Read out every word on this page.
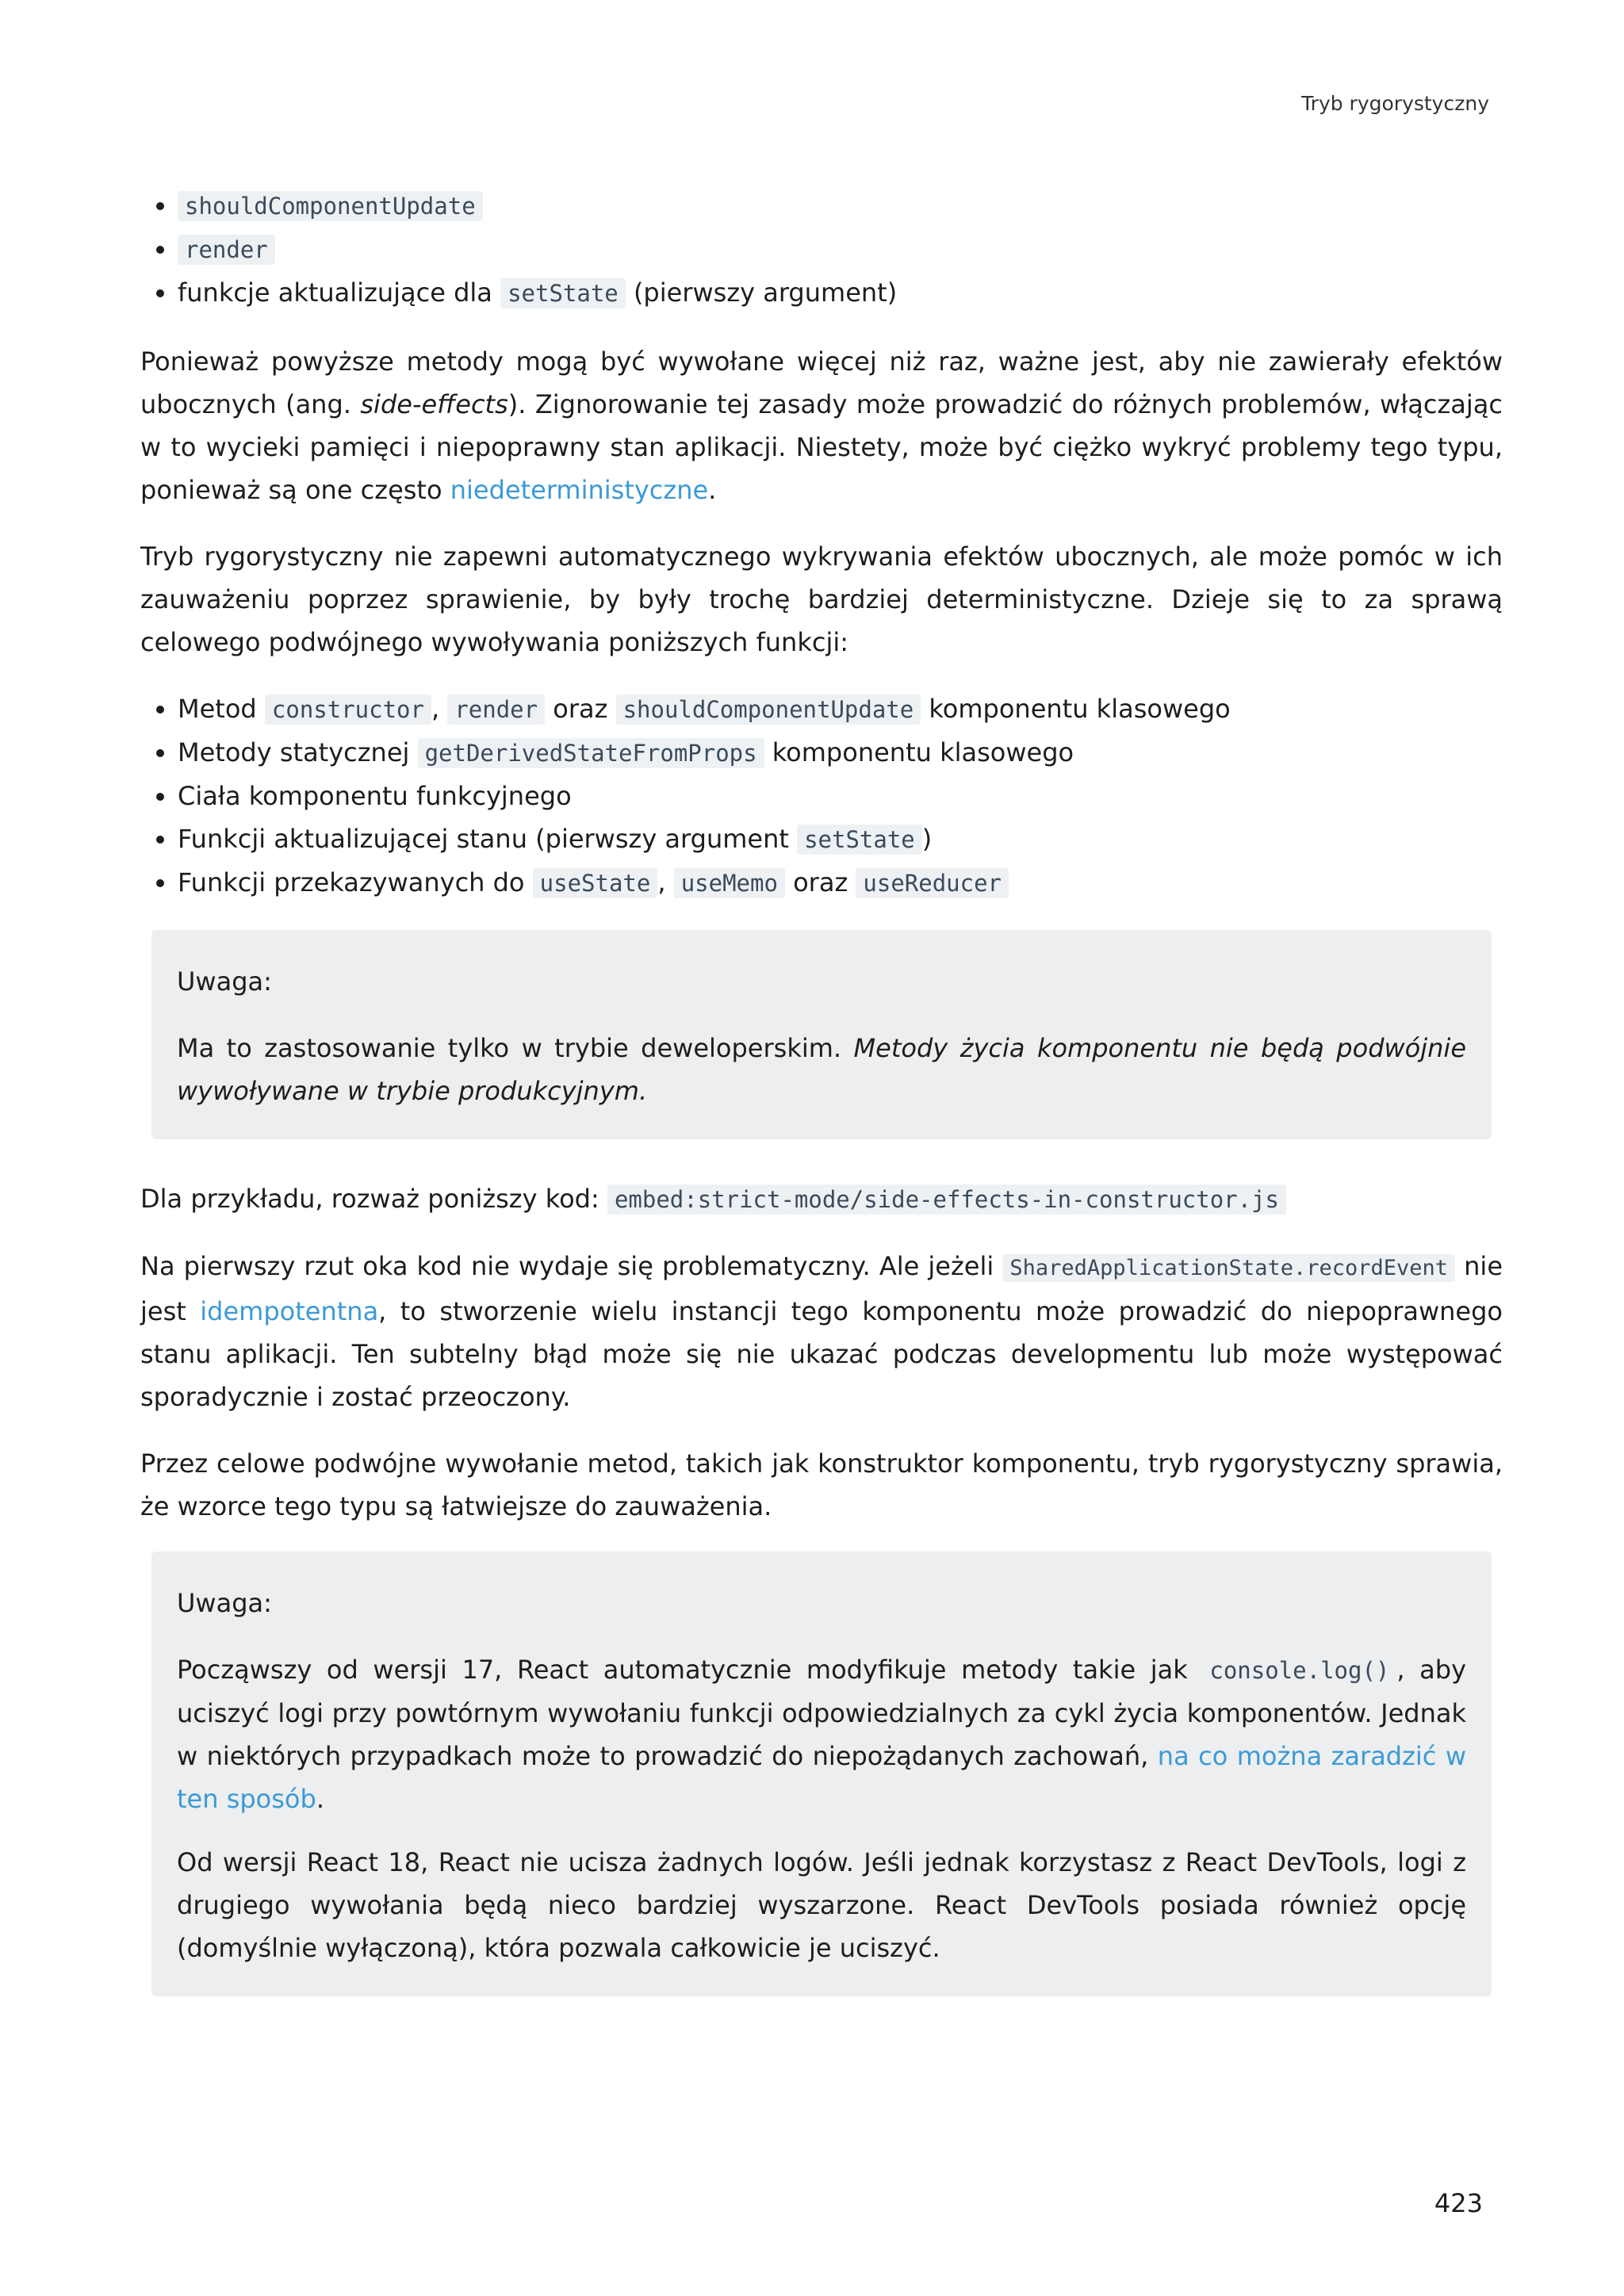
Tryb rygorystyczny
• shouldComponentUpdate
• render
• funkcje aktualizujące dla setState (pierwszy argument)

Ponieważ powyższe metody mogą być wywołane więcej niż raz, ważne jest, aby nie zawierały efektów ubocznych (ang. side-effects). Zignorowanie tej zasady może prowadzić do różnych problemów, włączając w to wycieki pamięci i niepoprawny stan aplikacji. Niestety, może być ciężko wykryć problemy tego typu, ponieważ są one często niedeterministyczne.

Tryb rygorystyczny nie zapewni automatycznego wykrywania efektów ubocznych, ale może pomóc w ich zauważeniu poprzez sprawienie, by były trochę bardziej deterministyczne. Dzieje się to za sprawą celowego podwójnego wywoływania poniższych funkcji:

• Metod constructor , render oraz shouldComponentUpdate komponentu klasowego
• Metody statycznej getDerivedStateFromProps komponentu klasowego
• Ciała komponentu funkcyjnego
• Funkcji aktualizującej stanu (pierwszy argument setState )
• Funkcji przekazywanych do useState , useMemo oraz useReducer
Uwaga:

Ma to zastosowanie tylko w trybie deweloperskim. Metody życia komponentu nie będą podwójnie wywoływane w trybie produkcyjnym.

Dla przykładu, rozważ poniższy kod: embed:strict-mode/side-effects-in-constructor.js

Na pierwszy rzut oka kod nie wydaje się problematyczny. Ale jeżeli SharedApplicationState.recordEvent nie jest idempotentna, to stworzenie wielu instancji tego komponentu może prowadzić do niepoprawnego stanu aplikacji. Ten subtelny błąd może się nie ukazać podczas developmentu lub może występować sporadycznie i zostać przeoczony.

Przez celowe podwójne wywołanie metod, takich jak konstruktor komponentu, tryb rygorystyczny sprawia, że wzorce tego typu są łatwiejsze do zauważenia.

Uwaga:

Począwszy od wersji 17, React automatycznie modyfikuje metody takie jak console.log() , aby uciszyć logi przy powtórnym wywołaniu funkcji odpowiedzialnych za cykl życia komponentów. Jednak w niektórych przypadkach może to prowadzić do niepożądanych zachowań, na co można zaradzić w ten sposób.

Od wersji React 18, React nie ucisza żadnych logów. Jeśli jednak korzystasz z React DevTools, logi z drugiego wywołania będą nieco bardziej wyszarzone. React DevTools posiada również opcję (domyślnie wyłączoną), która pozwala całkowicie je uciszyć.

423
